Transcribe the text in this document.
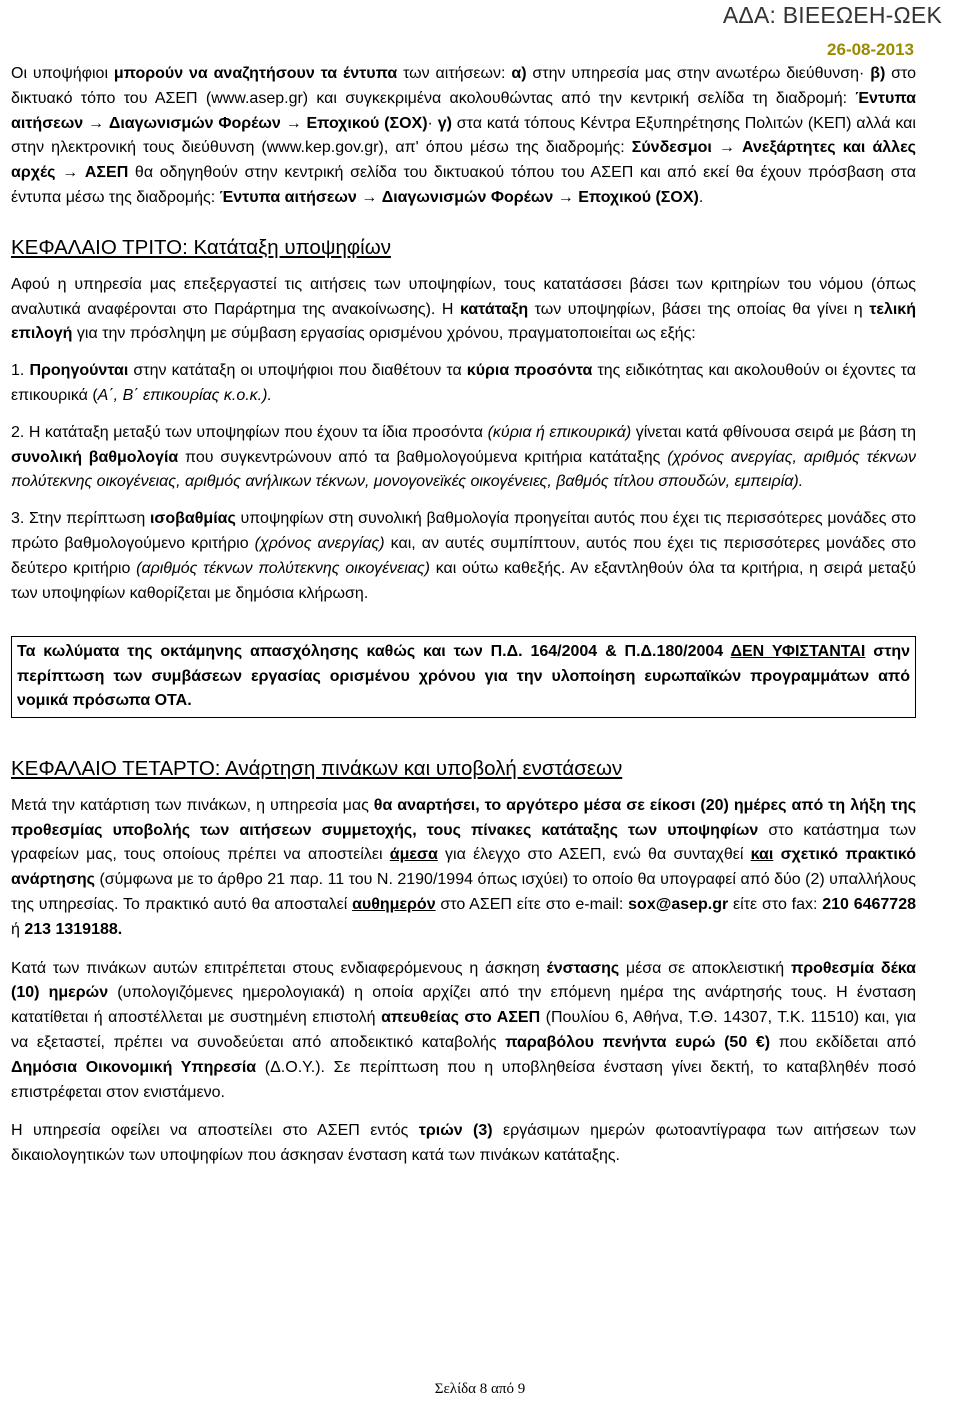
ΑΔΑ: ΒΙΕΕΩΕΗ-ΩΕΚ
26-08-2013

Οι υποψήφιοι μπορούν να αναζητήσουν τα έντυπα των αιτήσεων: α) στην υπηρεσία μας στην ανωτέρω διεύθυνση· β) στο δικτυακό τόπο του ΑΣΕΠ (www.asep.gr) και συγκεκριμένα ακολουθώντας από την κεντρική σελίδα τη διαδρομή: Έντυπα αιτήσεων → Διαγωνισμών Φορέων → Εποχικού (ΣΟΧ)· γ) στα κατά τόπους Κέντρα Εξυπηρέτησης Πολιτών (ΚΕΠ) αλλά και στην ηλεκτρονική τους διεύθυνση (www.kep.gov.gr), απ' όπου μέσω της διαδρομής: Σύνδεσμοι → Ανεξάρτητες και άλλες αρχές → ΑΣΕΠ θα οδηγηθούν στην κεντρική σελίδα του δικτυακού τόπου του ΑΣΕΠ και από εκεί θα έχουν πρόσβαση στα έντυπα μέσω της διαδρομής: Έντυπα αιτήσεων → Διαγωνισμών Φορέων → Εποχικού (ΣΟΧ).

ΚΕΦΑΛΑΙΟ ΤΡΙΤΟ: Κατάταξη υποψηφίων

Αφού η υπηρεσία μας επεξεργαστεί τις αιτήσεις των υποψηφίων, τους κατατάσσει βάσει των κριτηρίων του νόμου (όπως αναλυτικά αναφέρονται στο Παράρτημα της ανακοίνωσης). Η κατάταξη των υποψηφίων, βάσει της οποίας θα γίνει η τελική επιλογή για την πρόσληψη με σύμβαση εργασίας ορισμένου χρόνου, πραγματοποιείται ως εξής:

1. Προηγούνται στην κατάταξη οι υποψήφιοι που διαθέτουν τα κύρια προσόντα της ειδικότητας και ακολουθούν οι έχοντες τα επικουρικά (Α΄, Β΄ επικουρίας κ.ο.κ.).

2. Η κατάταξη μεταξύ των υποψηφίων που έχουν τα ίδια προσόντα (κύρια ή επικουρικά) γίνεται κατά φθίνουσα σειρά με βάση τη συνολική βαθμολογία που συγκεντρώνουν από τα βαθμολογούμενα κριτήρια κατάταξης (χρόνος ανεργίας, αριθμός τέκνων πολύτεκνης οικογένειας, αριθμός ανήλικων τέκνων, μονογονεϊκές οικογένειες, βαθμός τίτλου σπουδών, εμπειρία).

3. Στην περίπτωση ισοβαθμίας υποψηφίων στη συνολική βαθμολογία προηγείται αυτός που έχει τις περισσότερες μονάδες στο πρώτο βαθμολογούμενο κριτήριο (χρόνος ανεργίας) και, αν αυτές συμπίπτουν, αυτός που έχει τις περισσότερες μονάδες στο δεύτερο κριτήριο (αριθμός τέκνων πολύτεκνης οικογένειας) και ούτω καθεξής. Αν εξαντληθούν όλα τα κριτήρια, η σειρά μεταξύ των υποψηφίων καθορίζεται με δημόσια κλήρωση.

Τα κωλύματα της οκτάμηνης απασχόλησης καθώς και των Π.Δ. 164/2004 & Π.Δ.180/2004 ΔΕΝ ΥΦΙΣΤΑΝΤΑΙ στην περίπτωση των συμβάσεων εργασίας ορισμένου χρόνου για την υλοποίηση ευρωπαϊκών προγραμμάτων από νομικά πρόσωπα ΟΤΑ.
ΚΕΦΑΛΑΙΟ ΤΕΤΑΡΤΟ: Ανάρτηση πινάκων και υποβολή ενστάσεων

Μετά την κατάρτιση των πινάκων, η υπηρεσία μας θα αναρτήσει, το αργότερο μέσα σε είκοσι (20) ημέρες από τη λήξη της προθεσμίας υποβολής των αιτήσεων συμμετοχής, τους πίνακες κατάταξης των υποψηφίων στο κατάστημα των γραφείων μας, τους οποίους πρέπει να αποστείλει άμεσα για έλεγχο στο ΑΣΕΠ, ενώ θα συνταχθεί και σχετικό πρακτικό ανάρτησης (σύμφωνα με το άρθρο 21 παρ. 11 του Ν. 2190/1994 όπως ισχύει) το οποίο θα υπογραφεί από δύο (2) υπαλλήλους της υπηρεσίας. Το πρακτικό αυτό θα αποσταλεί αυθημερόν στο ΑΣΕΠ είτε στο e-mail: sox@asep.gr είτε στο fax: 210 6467728 ή 213 1319188.

Κατά των πινάκων αυτών επιτρέπεται στους ενδιαφερόμενους η άσκηση ένστασης μέσα σε αποκλειστική προθεσμία δέκα (10) ημερών (υπολογιζόμενες ημερολογιακά) η οποία αρχίζει από την επόμενη ημέρα της ανάρτησής τους. Η ένσταση κατατίθεται ή αποστέλλεται με συστημένη επιστολή απευθείας στο ΑΣΕΠ (Πουλίου 6, Αθήνα, Τ.Θ. 14307, Τ.Κ. 11510) και, για να εξεταστεί, πρέπει να συνοδεύεται από αποδεικτικό καταβολής παραβόλου πενήντα ευρώ (50 €) που εκδίδεται από Δημόσια Οικονομική Υπηρεσία (Δ.Ο.Υ.). Σε περίπτωση που η υποβληθείσα ένσταση γίνει δεκτή, το καταβληθέν ποσό επιστρέφεται στον ενιστάμενο.

Η υπηρεσία οφείλει να αποστείλει στο ΑΣΕΠ εντός τριών (3) εργάσιμων ημερών φωτοαντίγραφα των αιτήσεων των δικαιολογητικών των υποψηφίων που άσκησαν ένσταση κατά των πινάκων κατάταξης.

Σελίδα 8 από 9
